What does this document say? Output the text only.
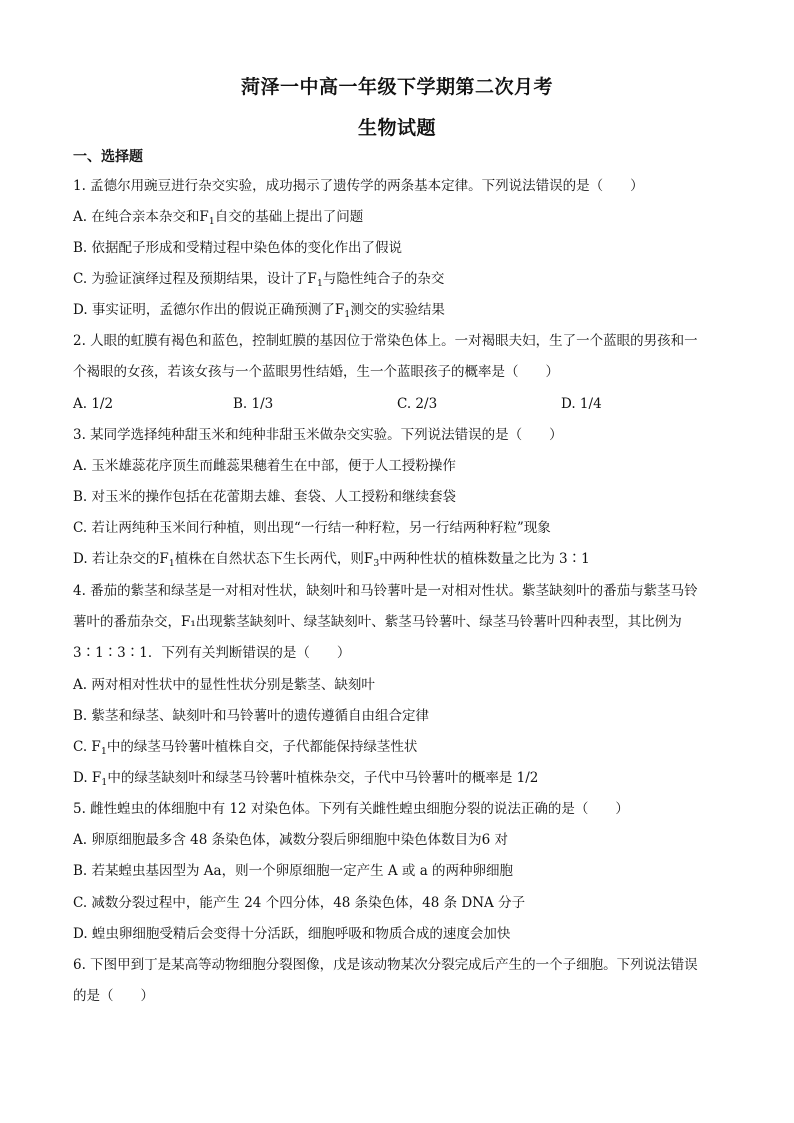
菏泽一中高一年级下学期第二次月考
生物试题
一、选择题
1. 孟德尔用豌豆进行杂交实验，成功揭示了遗传学的两条基本定律。下列说法错误的是（　　）
A. 在纯合亲本杂交和$F_1$自交的基础上提出了问题
B. 依据配子形成和受精过程中染色体的变化作出了假说
C. 为验证演绎过程及预期结果，设计了$F_1$与隐性纯合子的杂交
D. 事实证明，孟德尔作出的假说正确预测了$F_1$测交的实验结果
2. 人眼的虹膜有褐色和蓝色，控制虹膜的基因位于常染色体上。一对褐眼夫妇，生了一个蓝眼的男孩和一
个褐眼的女孩，若该女孩与一个蓝眼男性结婚，生一个蓝眼孩子的概率是（　　）
A. 1/2	B. 1/3	C. 2/3	D. 1/4
3. 某同学选择纯种甜玉米和纯种非甜玉米做杂交实验。下列说法错误的是（　　）
A. 玉米雄蕊花序顶生而雌蕊果穗着生在中部，便于人工授粉操作
B. 对玉米的操作包括在花蕾期去雄、套袋、人工授粉和继续套袋
C. 若让两纯种玉米间行种植，则出现“一行结一种籽粒，另一行结两种籽粒”现象
D. 若让杂交的$F_1$植株在自然状态下生长两代，则$F_3$中两种性状的植株数量之比为 3∶1
4. 番茄的紫茎和绿茎是一对相对性状，缺刻叶和马铃薯叶是一对相对性状。紫茎缺刻叶的番茄与紫茎马铃
薯叶的番茄杂交，F₁出现紫茎缺刻叶、绿茎缺刻叶、紫茎马铃薯叶、绿茎马铃薯叶四种表型，其比例为
3∶1∶3∶1．下列有关判断错误的是（　　）
A. 两对相对性状中的显性性状分别是紫茎、缺刻叶
B. 紫茎和绿茎、缺刻叶和马铃薯叶的遗传遵循自由组合定律
C. $F_1$中的绿茎马铃薯叶植株自交，子代都能保持绿茎性状
D. $F_1$中的绿茎缺刻叶和绿茎马铃薯叶植株杂交，子代中马铃薯叶的概率是 1/2
5. 雌性蝗虫的体细胞中有 12 对染色体。下列有关雌性蝗虫细胞分裂的说法正确的是（　　）
A. 卵原细胞最多含 48 条染色体，减数分裂后卵细胞中染色体数目为6 对
B. 若某蝗虫基因型为 Aa，则一个卵原细胞一定产生 A 或 a 的两种卵细胞
C. 减数分裂过程中，能产生 24 个四分体，48 条染色体，48 条 DNA 分子
D. 蝗虫卵细胞受精后会变得十分活跃，细胞呼吸和物质合成的速度会加快
6. 下图甲到丁是某高等动物细胞分裂图像，戊是该动物某次分裂完成后产生的一个子细胞。下列说法错误
的是（　　）
